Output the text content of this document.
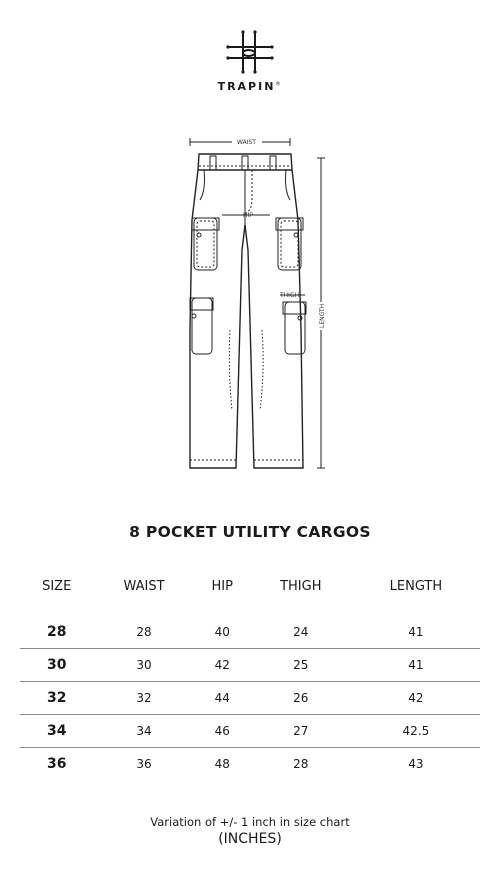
TRAPIN®
WAIST
HIP
THIGH
LENGTH
8 POCKET UTILITY CARGOS
SIZE	WAIST	HIP	THIGH	LENGTH

28	28	40	24	41
30	30	42	25	41
32	32	44	26	42
34	34	46	27	42.5
36	36	48	28	43
Variation of +/- 1 inch in size chart
(INCHES)
